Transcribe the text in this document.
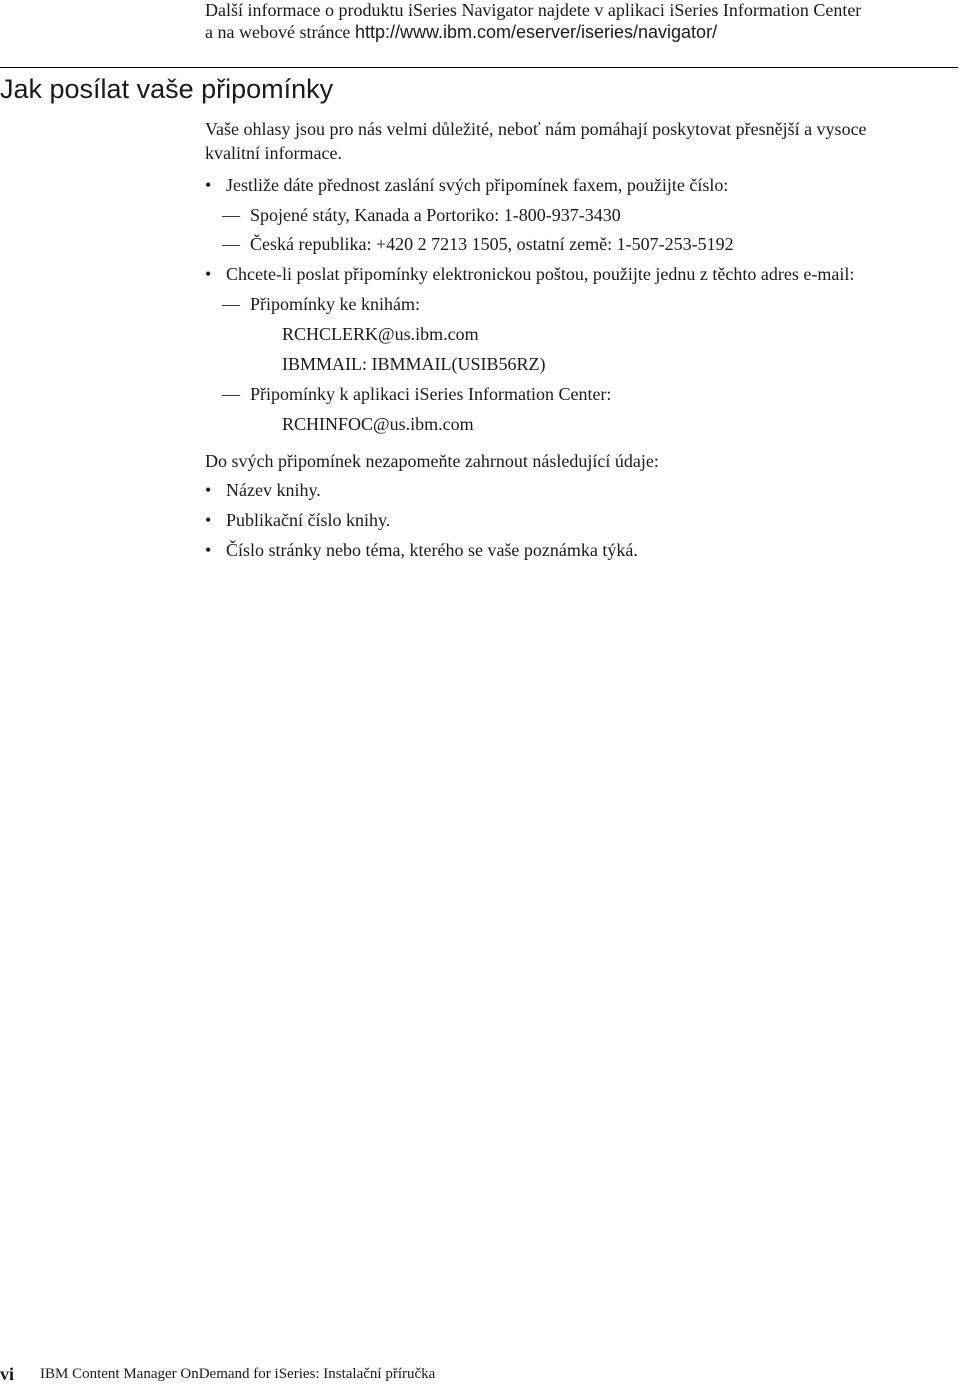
Další informace o produktu iSeries Navigator najdete v aplikaci iSeries Information Center
a na webové stránce http://www.ibm.com/eserver/iseries/navigator/
Jak posílat vaše připomínky
Vaše ohlasy jsou pro nás velmi důležité, neboť nám pomáhají poskytovat přesnější a vysoce
kvalitní informace.
• Jestliže dáte přednost zaslání svých připomínek faxem, použijte číslo:
— Spojené státy, Kanada a Portoriko: 1-800-937-3430
— Česká republika: +420 2 7213 1505, ostatní země: 1-507-253-5192
• Chcete-li poslat připomínky elektronickou poštou, použijte jednu z těchto adres e-mail:
— Připomínky ke knihám:
RCHCLERK@us.ibm.com
IBMMAIL: IBMMAIL(USIB56RZ)
— Připomínky k aplikaci iSeries Information Center:
RCHINFOC@us.ibm.com
Do svých připomínek nezapomeňte zahrnout následující údaje:
• Název knihy.
• Publikační číslo knihy.
• Číslo stránky nebo téma, kterého se vaše poznámka týká.
vi IBM Content Manager OnDemand for iSeries: Instalační příručka
